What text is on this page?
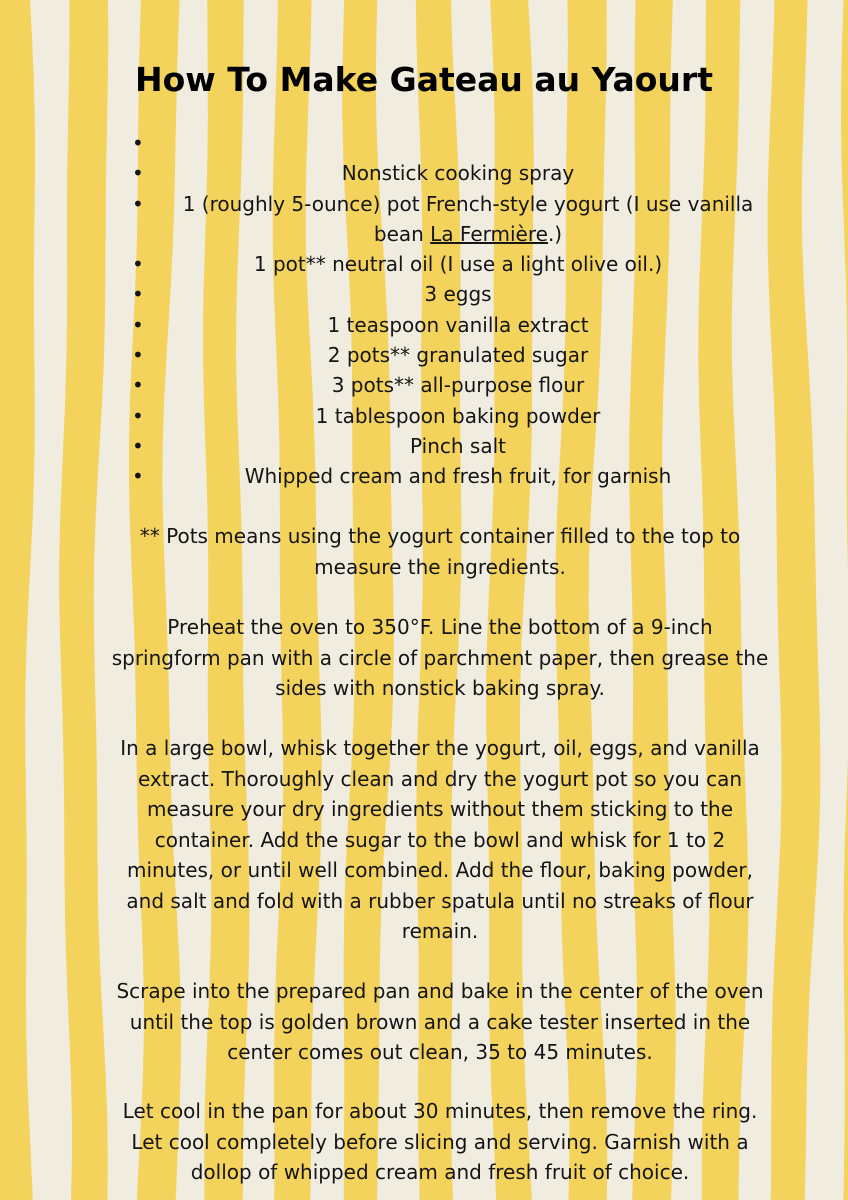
How To Make Gateau au Yaourt
•
•	Nonstick cooking spray
• 1 (roughly 5-ounce) pot French-style yogurt (I use vanilla bean La Fermière.)
•	1 pot** neutral oil (I use a light olive oil.)
•	3 eggs
•	1 teaspoon vanilla extract
•	2 pots** granulated sugar
•	3 pots** all-purpose flour
•	1 tablespoon baking powder
•	Pinch salt
•	Whipped cream and fresh fruit, for garnish

** Pots means using the yogurt container filled to the top to measure the ingredients.

Preheat the oven to 350°F. Line the bottom of a 9-inch springform pan with a circle of parchment paper, then grease the sides with nonstick baking spray.

In a large bowl, whisk together the yogurt, oil, eggs, and vanilla extract. Thoroughly clean and dry the yogurt pot so you can measure your dry ingredients without them sticking to the container. Add the sugar to the bowl and whisk for 1 to 2 minutes, or until well combined. Add the flour, baking powder, and salt and fold with a rubber spatula until no streaks of flour remain.

Scrape into the prepared pan and bake in the center of the oven until the top is golden brown and a cake tester inserted in the center comes out clean, 35 to 45 minutes.

Let cool in the pan for about 30 minutes, then remove the ring. Let cool completely before slicing and serving. Garnish with a dollop of whipped cream and fresh fruit of choice.
